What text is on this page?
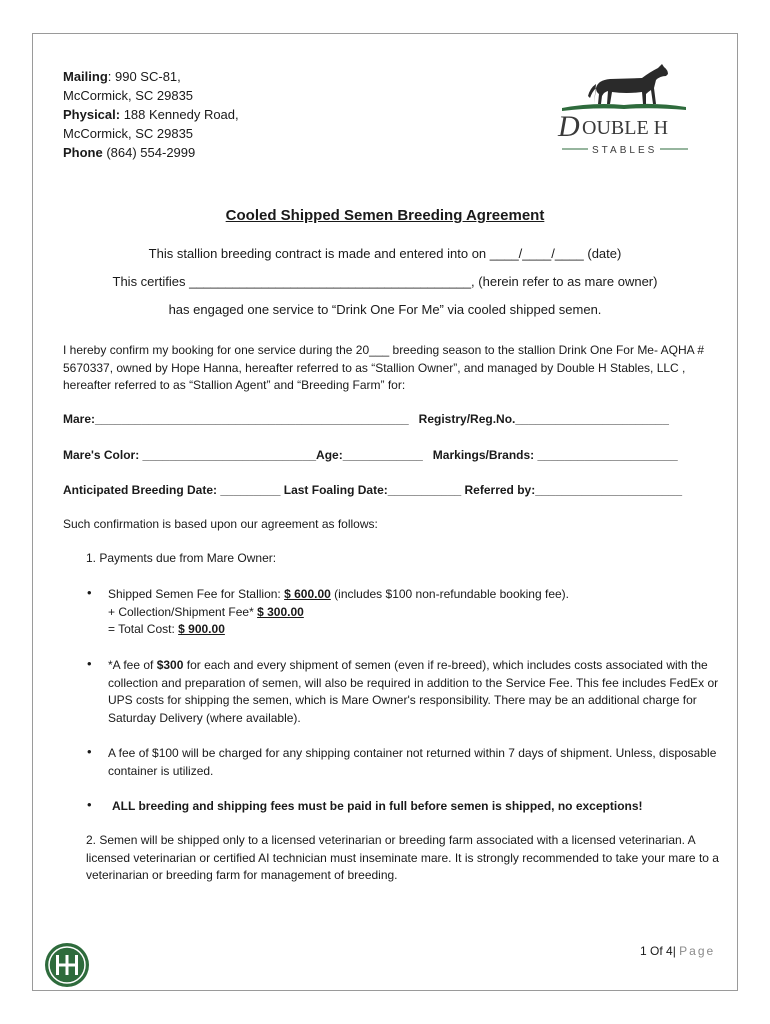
Mailing: 990 SC-81,
McCormick, SC 29835
Physical: 188 Kennedy Road,
McCormick, SC 29835
Phone (864) 554-2999
D OUBLE H
STABLES
Cooled Shipped Semen Breeding Agreement
This stallion breeding contract is made and entered into on ____/____/____ (date)
This certifies _______________________________________, (herein refer to as mare owner)
has engaged one service to “Drink One For Me” via cooled shipped semen.
I hereby confirm my booking for one service during the 20___ breeding season to the stallion Drink One For Me- AQHA # 5670337, owned by Hope Hanna, hereafter referred to as “Stallion Owner”, and managed by Double H Stables, LLC , hereafter referred to as “Stallion Agent” and “Breeding Farm” for:
Mare:_______________________________________________   Registry/Reg.No._______________________
Mare's Color: __________________________Age:____________   Markings/Brands: _____________________
Anticipated Breeding Date: _________ Last Foaling Date:___________ Referred by:______________________
Such confirmation is based upon our agreement as follows:
1. Payments due from Mare Owner:
• Shipped Semen Fee for Stallion: $ 600.00 (includes $100 non-refundable booking fee).
+ Collection/Shipment Fee* $ 300.00
= Total Cost: $ 900.00
• *A fee of $300 for each and every shipment of semen (even if re-breed), which includes costs associated with the collection and preparation of semen, will also be required in addition to the Service Fee. This fee includes FedEx or UPS costs for shipping the semen, which is Mare Owner's responsibility. There may be an additional charge for Saturday Delivery (where available).
• A fee of $100 will be charged for any shipping container not returned within 7 days of shipment. Unless, disposable container is utilized.
• ALL breeding and shipping fees must be paid in full before semen is shipped, no exceptions!
2. Semen will be shipped only to a licensed veterinarian or breeding farm associated with a licensed veterinarian. A licensed veterinarian or certified AI technician must inseminate mare. It is strongly recommended to take your mare to a veterinarian or breeding farm for management of breeding.
1 Of 4| Page
